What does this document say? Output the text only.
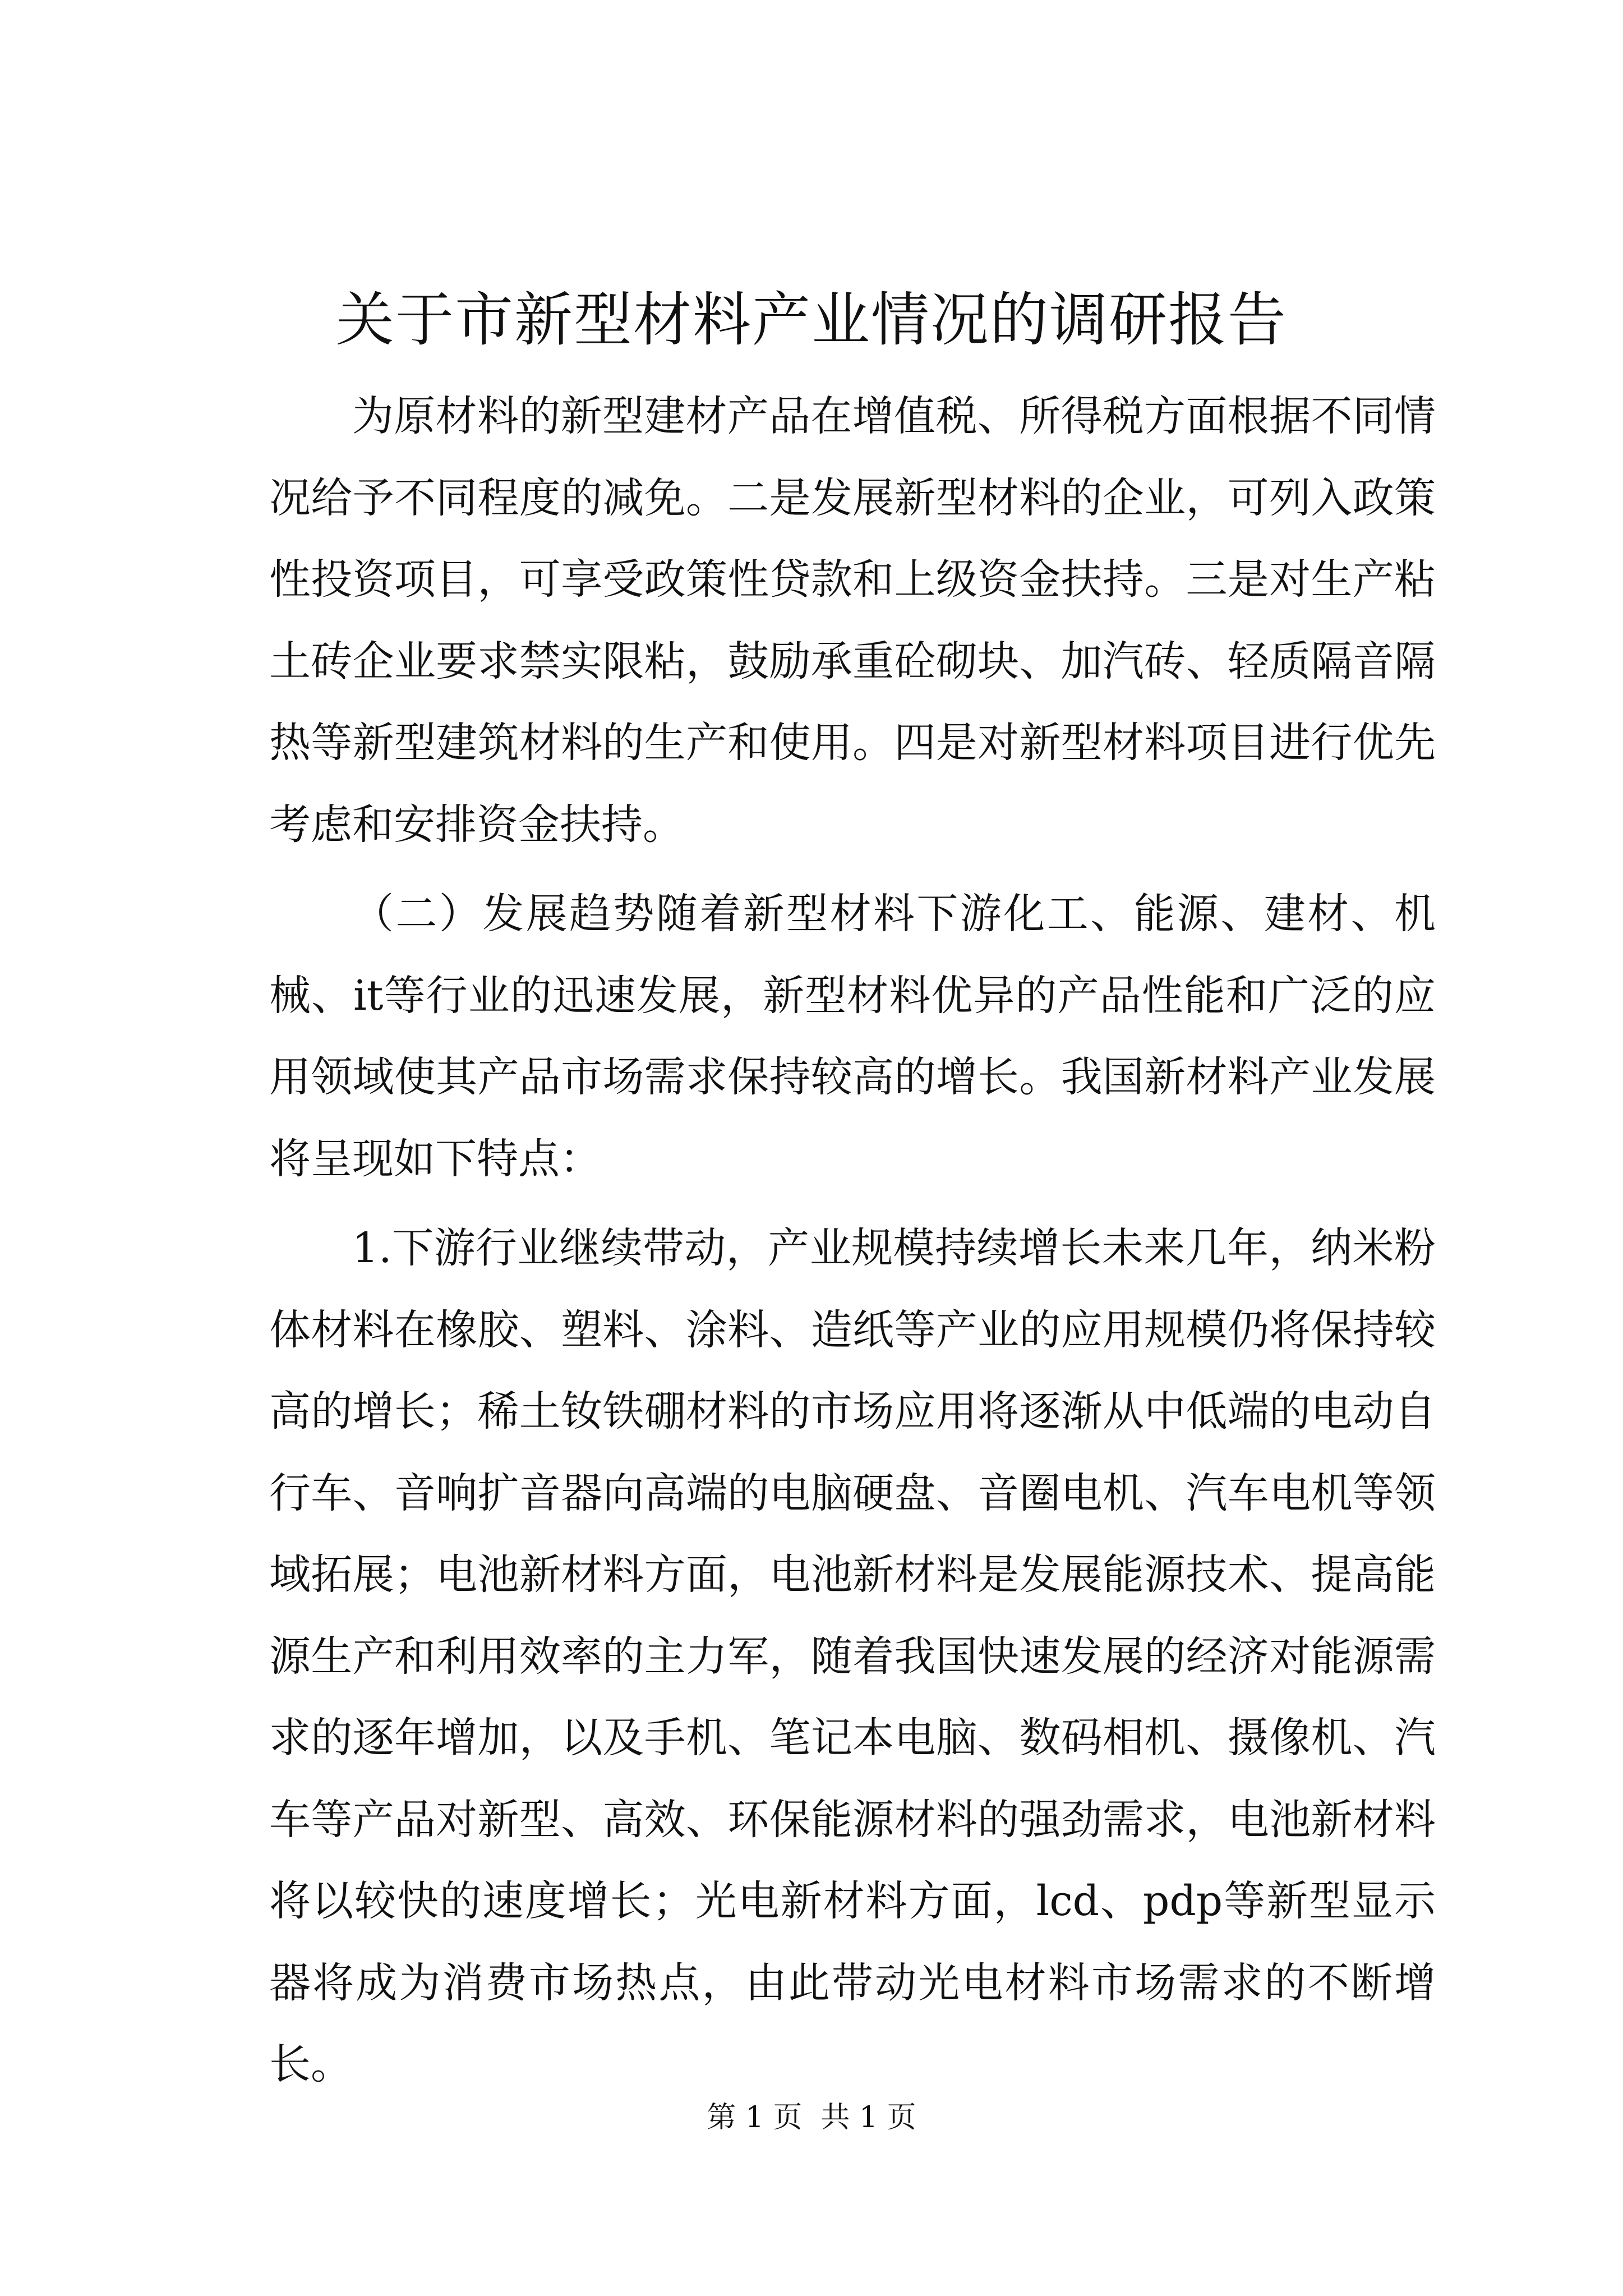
关于市新型材料产业情况的调研报告

为原材料的新型建材产品在增值税、所得税方面根据不同情况给予不同程度的减免。二是发展新型材料的企业，可列入政策性投资项目，可享受政策性贷款和上级资金扶持。三是对生产粘土砖企业要求禁实限粘，鼓励承重砼砌块、加汽砖、轻质隔音隔热等新型建筑材料的生产和使用。四是对新型材料项目进行优先考虑和安排资金扶持。

（二）发展趋势随着新型材料下游化工、能源、建材、机械、it等行业的迅速发展，新型材料优异的产品性能和广泛的应用领域使其产品市场需求保持较高的增长。我国新材料产业发展将呈现如下特点：

1.下游行业继续带动，产业规模持续增长未来几年，纳米粉体材料在橡胶、塑料、涂料、造纸等产业的应用规模仍将保持较高的增长；稀土钕铁硼材料的市场应用将逐渐从中低端的电动自行车、音响扩音器向高端的电脑硬盘、音圈电机、汽车电机等领域拓展；电池新材料方面，电池新材料是发展能源技术、提高能源生产和利用效率的主力军，随着我国快速发展的经济对能源需求的逐年增加，以及手机、笔记本电脑、数码相机、摄像机、汽车等产品对新型、高效、环保能源材料的强劲需求，电池新材料将以较快的速度增长；光电新材料方面，lcd、pdp等新型显示器将成为消费市场热点，由此带动光电材料市场需求的不断增长。

第 1 页  共 1 页
